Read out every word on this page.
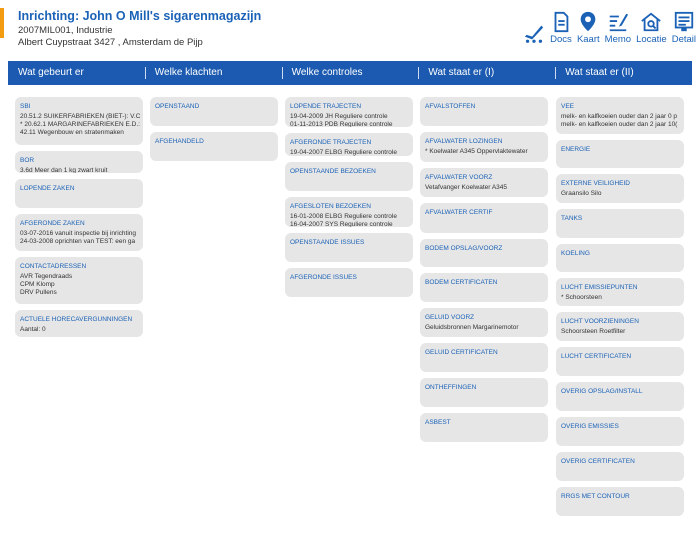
Inrichting: John O Mill's sigarenmagazijn
2007MIL001, Industrie
Albert Cuypstraat 3427 , Amsterdam de Pijp	Docs Kaart Memo Locatie Detail
Wat gebeurt er	Welke klachten	Welke controles	Wat staat er (I)	Wat staat er (II)
SBI
20.51.2 SUIKERFABRIEKEN (BIET-): V.C
* 20.62.1 MARGARINEFABRIEKEN E.D.:
42.11 Wegenbouw en stratenmaken
BOR
3.6d Meer dan 1 kg zwart kruit
LOPENDE ZAKEN
AFGERONDE ZAKEN
03-07-2016 vanuit inspectie bij inrichting
24-03-2008 oprichten van TEST: een ga
CONTACTADRESSEN
AVR Tegendraads
CPM Klomp
DRV Pullens
ACTUELE HORECAVERGUNNINGEN
Aantal: 0
OPENSTAAND
AFGEHANDELD
LOPENDE TRAJECTEN
19-04-2009 JH Reguliere controle
01-11-2013 PDB Reguliere controle
AFGERONDE TRAJECTEN
19-04-2007 ELBG Reguliere controle
OPENSTAANDE BEZOEKEN
AFGESLOTEN BEZOEKEN
16-01-2008 ELBG Reguliere controle
16-04-2007 SYS Reguliere controle
OPENSTAANDE ISSUES
AFGERONDE ISSUES
AFVALSTOFFEN
AFVALWATER LOZINGEN
* Koelwater A345 Oppervlaktewater
AFVALWATER VOORZ
Vetafvanger Koelwater A345
AFVALWATER CERTIF
BODEM OPSLAG/VOORZ
BODEM CERTIFICATEN
GELUID VOORZ
Geluidsbronnen Margarinemotor
GELUID CERTIFICATEN
ONTHEFFINGEN
ASBEST
VEE
melk- en kalfkoeien ouder dan 2 jaar 0 p
melk- en kalfkoeien ouder dan 2 jaar 10(
ENERGIE
EXTERNE VEILIGHEID
Graansilo Silo
TANKS
KOELING
LUCHT EMISSIEPUNTEN
* Schoorsteen
LUCHT VOORZIENINGEN
Schoorsteen Roetfilter
LUCHT CERTIFICATEN
OVERIG OPSLAG/INSTALL
OVERIG EMISSIES
OVERIG CERTIFICATEN
RRGS MET CONTOUR
